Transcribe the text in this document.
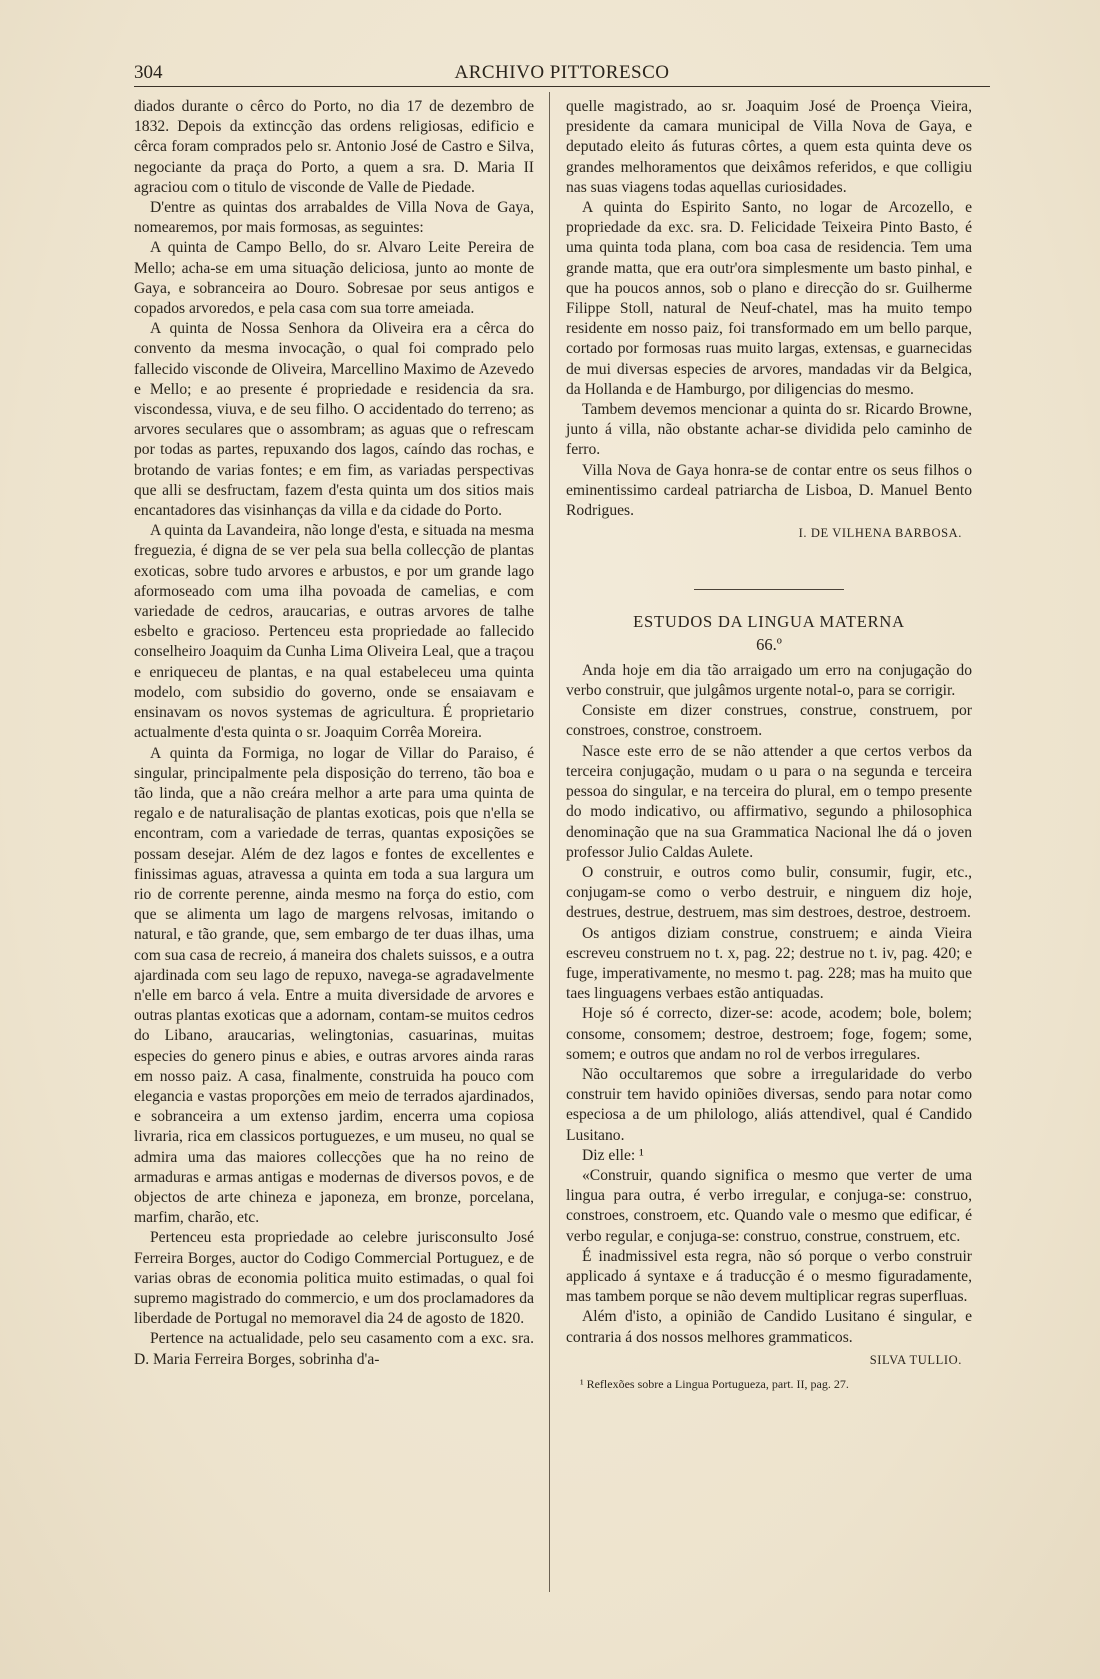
304	ARCHIVO PITTORESCO

diados durante o cêrco do Porto, no dia 17 de dezembro de 1832. Depois da extincção das ordens religiosas, edificio e cêrca foram comprados pelo sr. Antonio José de Castro e Silva, negociante da praça do Porto, a quem a sra. D. Maria II agraciou com o titulo de visconde de Valle de Piedade.

D'entre as quintas dos arrabaldes de Villa Nova de Gaya, nomearemos, por mais formosas, as seguintes:

A quinta de Campo Bello, do sr. Alvaro Leite Pereira de Mello; acha-se em uma situação deliciosa, junto ao monte de Gaya, e sobranceira ao Douro. Sobresae por seus antigos e copados arvoredos, e pela casa com sua torre ameiada.

A quinta de Nossa Senhora da Oliveira era a cêrca do convento da mesma invocação, o qual foi comprado pelo fallecido visconde de Oliveira, Marcellino Maximo de Azevedo e Mello; e ao presente é propriedade e residencia da sra. viscondessa, viuva, e de seu filho. O accidentado do terreno; as arvores seculares que o assombram; as aguas que o refrescam por todas as partes, repuxando dos lagos, caíndo das rochas, e brotando de varias fontes; e em fim, as variadas perspectivas que alli se desfructam, fazem d'esta quinta um dos sitios mais encantadores das visinhanças da villa e da cidade do Porto.

A quinta da Lavandeira, não longe d'esta, e situada na mesma freguezia, é digna de se ver pela sua bella collecção de plantas exoticas, sobre tudo arvores e arbustos, e por um grande lago aformoseado com uma ilha povoada de camelias, e com variedade de cedros, araucarias, e outras arvores de talhe esbelto e gracioso. Pertenceu esta propriedade ao fallecido conselheiro Joaquim da Cunha Lima Oliveira Leal, que a traçou e enriqueceu de plantas, e na qual estabeleceu uma quinta modelo, com subsidio do governo, onde se ensaiavam e ensinavam os novos systemas de agricultura. É proprietario actualmente d'esta quinta o sr. Joaquim Corrêa Moreira.

A quinta da Formiga, no logar de Villar do Paraiso, é singular, principalmente pela disposição do terreno, tão boa e tão linda, que a não creára melhor a arte para uma quinta de regalo e de naturalisação de plantas exoticas, pois que n'ella se encontram, com a variedade de terras, quantas exposições se possam desejar. Além de dez lagos e fontes de excellentes e finissimas aguas, atravessa a quinta em toda a sua largura um rio de corrente perenne, ainda mesmo na força do estio, com que se alimenta um lago de margens relvosas, imitando o natural, e tão grande, que, sem embargo de ter duas ilhas, uma com sua casa de recreio, á maneira dos chalets suissos, e a outra ajardinada com seu lago de repuxo, navega-se agradavelmente n'elle em barco á vela. Entre a muita diversidade de arvores e outras plantas exoticas que a adornam, contam-se muitos cedros do Libano, araucarias, welingtonias, casuarinas, muitas especies do genero pinus e abies, e outras arvores ainda raras em nosso paiz. A casa, finalmente, construida ha pouco com elegancia e vastas proporções em meio de terrados ajardinados, e sobranceira a um extenso jardim, encerra uma copiosa livraria, rica em classicos portuguezes, e um museu, no qual se admira uma das maiores collecções que ha no reino de armaduras e armas antigas e modernas de diversos povos, e de objectos de arte chineza e japoneza, em bronze, porcelana, marfim, charão, etc.

Pertenceu esta propriedade ao celebre jurisconsulto José Ferreira Borges, auctor do Codigo Commercial Portuguez, e de varias obras de economia politica muito estimadas, o qual foi supremo magistrado do commercio, e um dos proclamadores da liberdade de Portugal no memoravel dia 24 de agosto de 1820.

Pertence na actualidade, pelo seu casamento com a exc. sra. D. Maria Ferreira Borges, sobrinha d'a-

quelle magistrado, ao sr. Joaquim José de Proença Vieira, presidente da camara municipal de Villa Nova de Gaya, e deputado eleito ás futuras côrtes, a quem esta quinta deve os grandes melhoramentos que deixâmos referidos, e que colligiu nas suas viagens todas aquellas curiosidades.

A quinta do Espirito Santo, no logar de Arcozello, e propriedade da exc. sra. D. Felicidade Teixeira Pinto Basto, é uma quinta toda plana, com boa casa de residencia. Tem uma grande matta, que era outr'ora simplesmente um basto pinhal, e que ha poucos annos, sob o plano e direcção do sr. Guilherme Filippe Stoll, natural de Neuf-chatel, mas ha muito tempo residente em nosso paiz, foi transformado em um bello parque, cortado por formosas ruas muito largas, extensas, e guarnecidas de mui diversas especies de arvores, mandadas vir da Belgica, da Hollanda e de Hamburgo, por diligencias do mesmo.

Tambem devemos mencionar a quinta do sr. Ricardo Browne, junto á villa, não obstante achar-se dividida pelo caminho de ferro.

Villa Nova de Gaya honra-se de contar entre os seus filhos o eminentissimo cardeal patriarcha de Lisboa, D. Manuel Bento Rodrigues.

I. DE VILHENA BARBOSA.
ESTUDOS DA LINGUA MATERNA
66.º

Anda hoje em dia tão arraigado um erro na conjugação do verbo construir, que julgâmos urgente notal-o, para se corrigir.

Consiste em dizer construes, construe, construem, por constroes, constroe, constroem.

Nasce este erro de se não attender a que certos verbos da terceira conjugação, mudam o u para o na segunda e terceira pessoa do singular, e na terceira do plural, em o tempo presente do modo indicativo, ou affirmativo, segundo a philosophica denominação que na sua Grammatica Nacional lhe dá o joven professor Julio Caldas Aulete.

O construir, e outros como bulir, consumir, fugir, etc., conjugam-se como o verbo destruir, e ninguem diz hoje, destrues, destrue, destruem, mas sim destroes, destroe, destroem.

Os antigos diziam construe, construem; e ainda Vieira escreveu construem no t. x, pag. 22; destrue no t. iv, pag. 420; e fuge, imperativamente, no mesmo t. pag. 228; mas ha muito que taes linguagens verbaes estão antiquadas.

Hoje só é correcto, dizer-se: acode, acodem; bole, bolem; consome, consomem; destroe, destroem; foge, fogem; some, somem; e outros que andam no rol de verbos irregulares.

Não occultaremos que sobre a irregularidade do verbo construir tem havido opiniões diversas, sendo para notar como especiosa a de um philologo, aliás attendivel, qual é Candido Lusitano.

Diz elle: ¹

«Construir, quando significa o mesmo que verter de uma lingua para outra, é verbo irregular, e conjuga-se: construo, constroes, constroem, etc. Quando vale o mesmo que edificar, é verbo regular, e conjuga-se: construo, construe, construem, etc.

É inadmissivel esta regra, não só porque o verbo construir applicado á syntaxe e á traducção é o mesmo figuradamente, mas tambem porque se não devem multiplicar regras superfluas.

Além d'isto, a opinião de Candido Lusitano é singular, e contraria á dos nossos melhores grammaticos.

SILVA TULLIO.
¹ Reflexões sobre a Lingua Portugueza, part. II, pag. 27.
